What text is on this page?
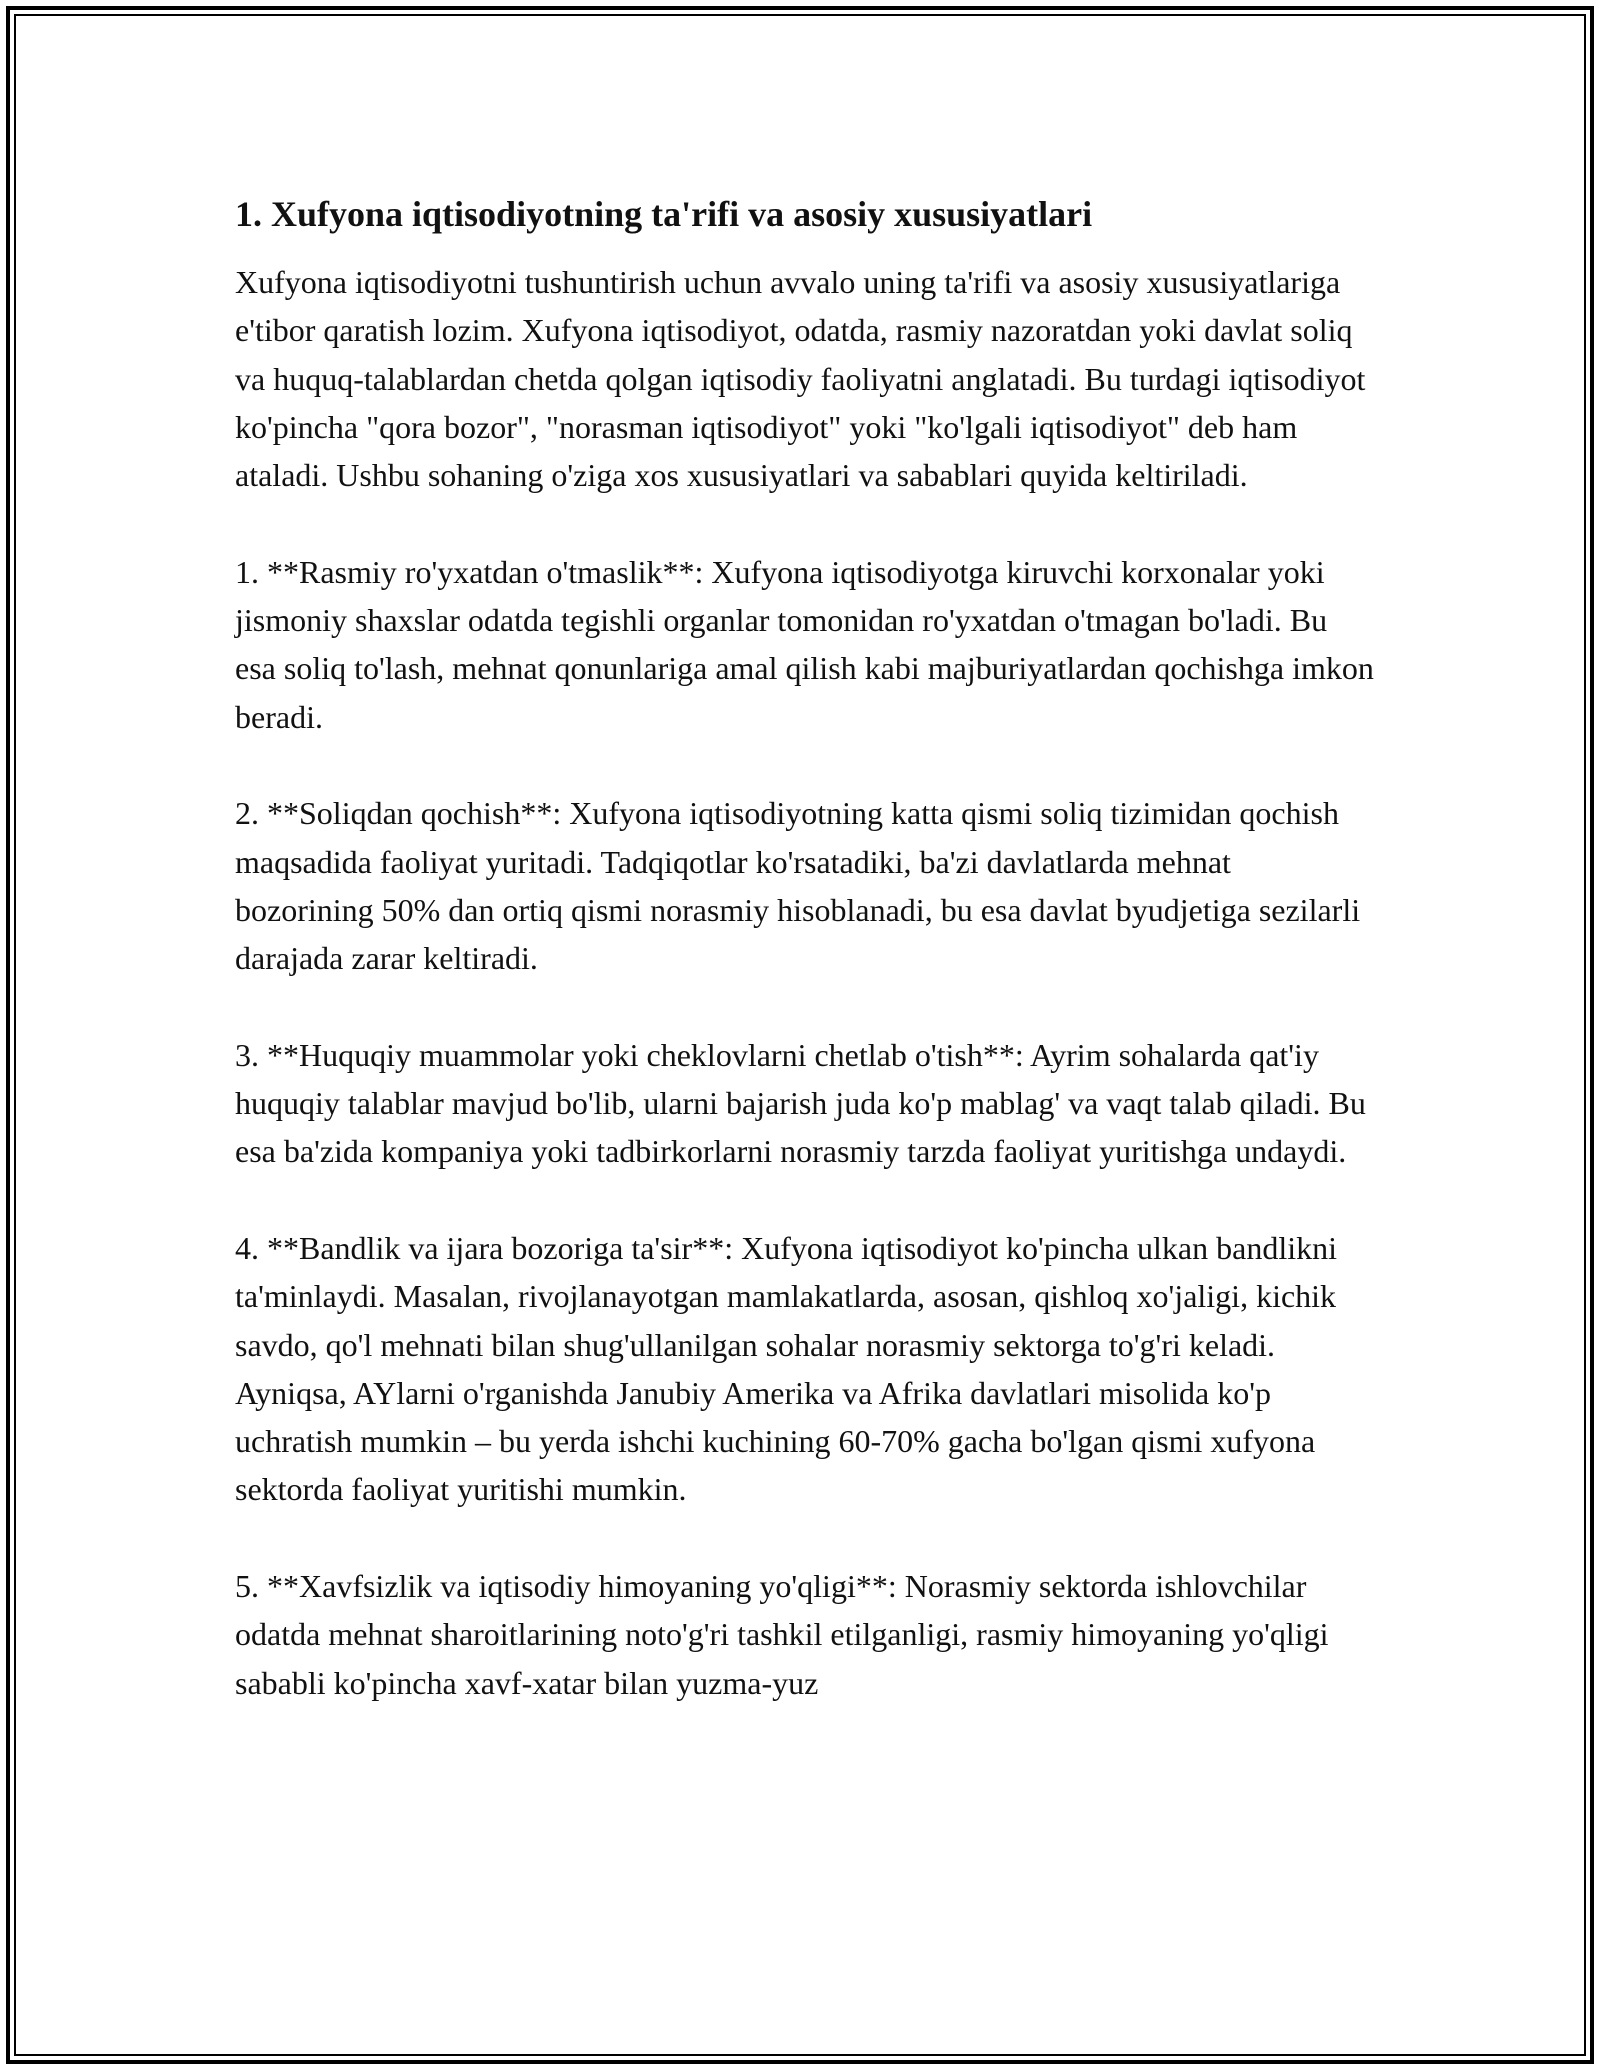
1. Xufyona iqtisodiyotning ta'rifi va asosiy xususiyatlari

Xufyona iqtisodiyotni tushuntirish uchun avvalo uning ta'rifi va asosiy xususiyatlariga e'tibor qaratish lozim. Xufyona iqtisodiyot, odatda, rasmiy nazoratdan yoki davlat soliq va huquq-talablardan chetda qolgan iqtisodiy faoliyatni anglatadi. Bu turdagi iqtisodiyot ko'pincha "qora bozor", "norasman iqtisodiyot" yoki "ko'lgali iqtisodiyot" deb ham ataladi. Ushbu sohaning o'ziga xos xususiyatlari va sabablari quyida keltiriladi.

1. **Rasmiy ro'yxatdan o'tmaslik**: Xufyona iqtisodiyotga kiruvchi korxonalar yoki jismoniy shaxslar odatda tegishli organlar tomonidan ro'yxatdan o'tmagan bo'ladi. Bu esa soliq to'lash, mehnat qonunlariga amal qilish kabi majburiyatlardan qochishga imkon beradi.

2. **Soliqdan qochish**: Xufyona iqtisodiyotning katta qismi soliq tizimidan qochish maqsadida faoliyat yuritadi. Tadqiqotlar ko'rsatadiki, ba'zi davlatlarda mehnat bozorining 50% dan ortiq qismi norasmiy hisoblanadi, bu esa davlat byudjetiga sezilarli darajada zarar keltiradi.

3. **Huquqiy muammolar yoki cheklovlarni chetlab o'tish**: Ayrim sohalarda qat'iy huquqiy talablar mavjud bo'lib, ularni bajarish juda ko'p mablag' va vaqt talab qiladi. Bu esa ba'zida kompaniya yoki tadbirkorlarni norasmiy tarzda faoliyat yuritishga undaydi.

4. **Bandlik va ijara bozoriga ta'sir**: Xufyona iqtisodiyot ko'pincha ulkan bandlikni ta'minlaydi. Masalan, rivojlanayotgan mamlakatlarda, asosan, qishloq xo'jaligi, kichik savdo, qo'l mehnati bilan shug'ullanilgan sohalar norasmiy sektorga to'g'ri keladi. Ayniqsa, AYlarni o'rganishda Janubiy Amerika va Afrika davlatlari misolida ko'p uchratish mumkin – bu yerda ishchi kuchining 60-70% gacha bo'lgan qismi xufyona sektorda faoliyat yuritishi mumkin.

5. **Xavfsizlik va iqtisodiy himoyaning yo'qligi**: Norasmiy sektorda ishlovchilar odatda mehnat sharoitlarining noto'g'ri tashkil etilganligi, rasmiy himoyaning yo'qligi sababli ko'pincha xavf-xatar bilan yuzma-yuz
